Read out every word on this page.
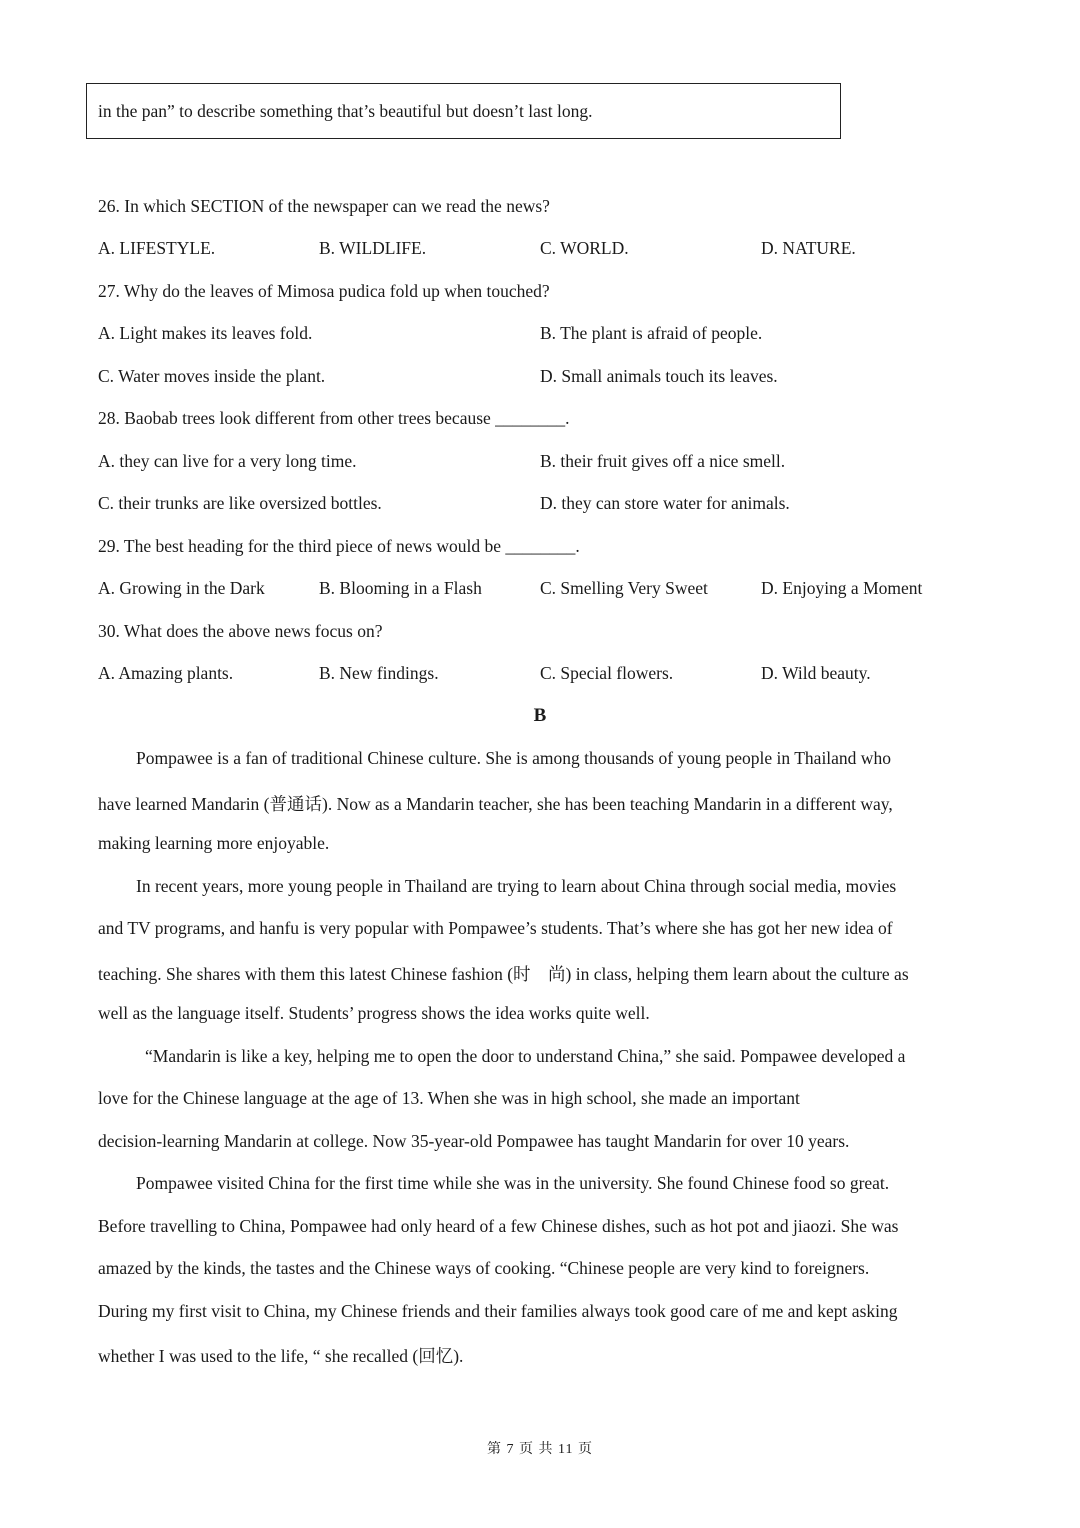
in the pan” to describe something that’s beautiful but doesn’t last long.
26. In which SECTION of the newspaper can we read the news?
A. LIFESTYLE.	B. WILDLIFE.	C. WORLD.	D. NATURE.
27. Why do the leaves of Mimosa pudica fold up when touched?
A. Light makes its leaves fold.	B. The plant is afraid of people.
C. Water moves inside the plant.	D. Small animals touch its leaves.
28. Baobab trees look different from other trees because ________.
A. they can live for a very long time.	B. their fruit gives off a nice smell.
C. their trunks are like oversized bottles.	D. they can store water for animals.
29. The best heading for the third piece of news would be ________.
A. Growing in the Dark	B. Blooming in a Flash	C. Smelling Very Sweet	D. Enjoying a Moment
30. What does the above news focus on?
A. Amazing plants.	B. New findings.	C. Special flowers.	D. Wild beauty.
B
Pompawee is a fan of traditional Chinese culture. She is among thousands of young people in Thailand who
have learned Mandarin (普通话). Now as a Mandarin teacher, she has been teaching Mandarin in a different way,
making learning more enjoyable.
In recent years, more young people in Thailand are trying to learn about China through social media, movies
and TV programs, and hanfu is very popular with Pompawee’s students. That’s where she has got her new idea of
teaching. She shares with them this latest Chinese fashion (时　尚) in class, helping them learn about the culture as
well as the language itself. Students’ progress shows the idea works quite well.
“Mandarin is like a key, helping me to open the door to understand China,” she said. Pompawee developed a
love for the Chinese language at the age of 13. When she was in high school, she made an important
decision-learning Mandarin at college. Now 35-year-old Pompawee has taught Mandarin for over 10 years.
Pompawee visited China for the first time while she was in the university. She found Chinese food so great.
Before travelling to China, Pompawee had only heard of a few Chinese dishes, such as hot pot and jiaozi. She was
amazed by the kinds, the tastes and the Chinese ways of cooking. “Chinese people are very kind to foreigners.
During my first visit to China, my Chinese friends and their families always took good care of me and kept asking
whether I was used to the life, “ she recalled (回忆).
第 7 页 共 11 页
